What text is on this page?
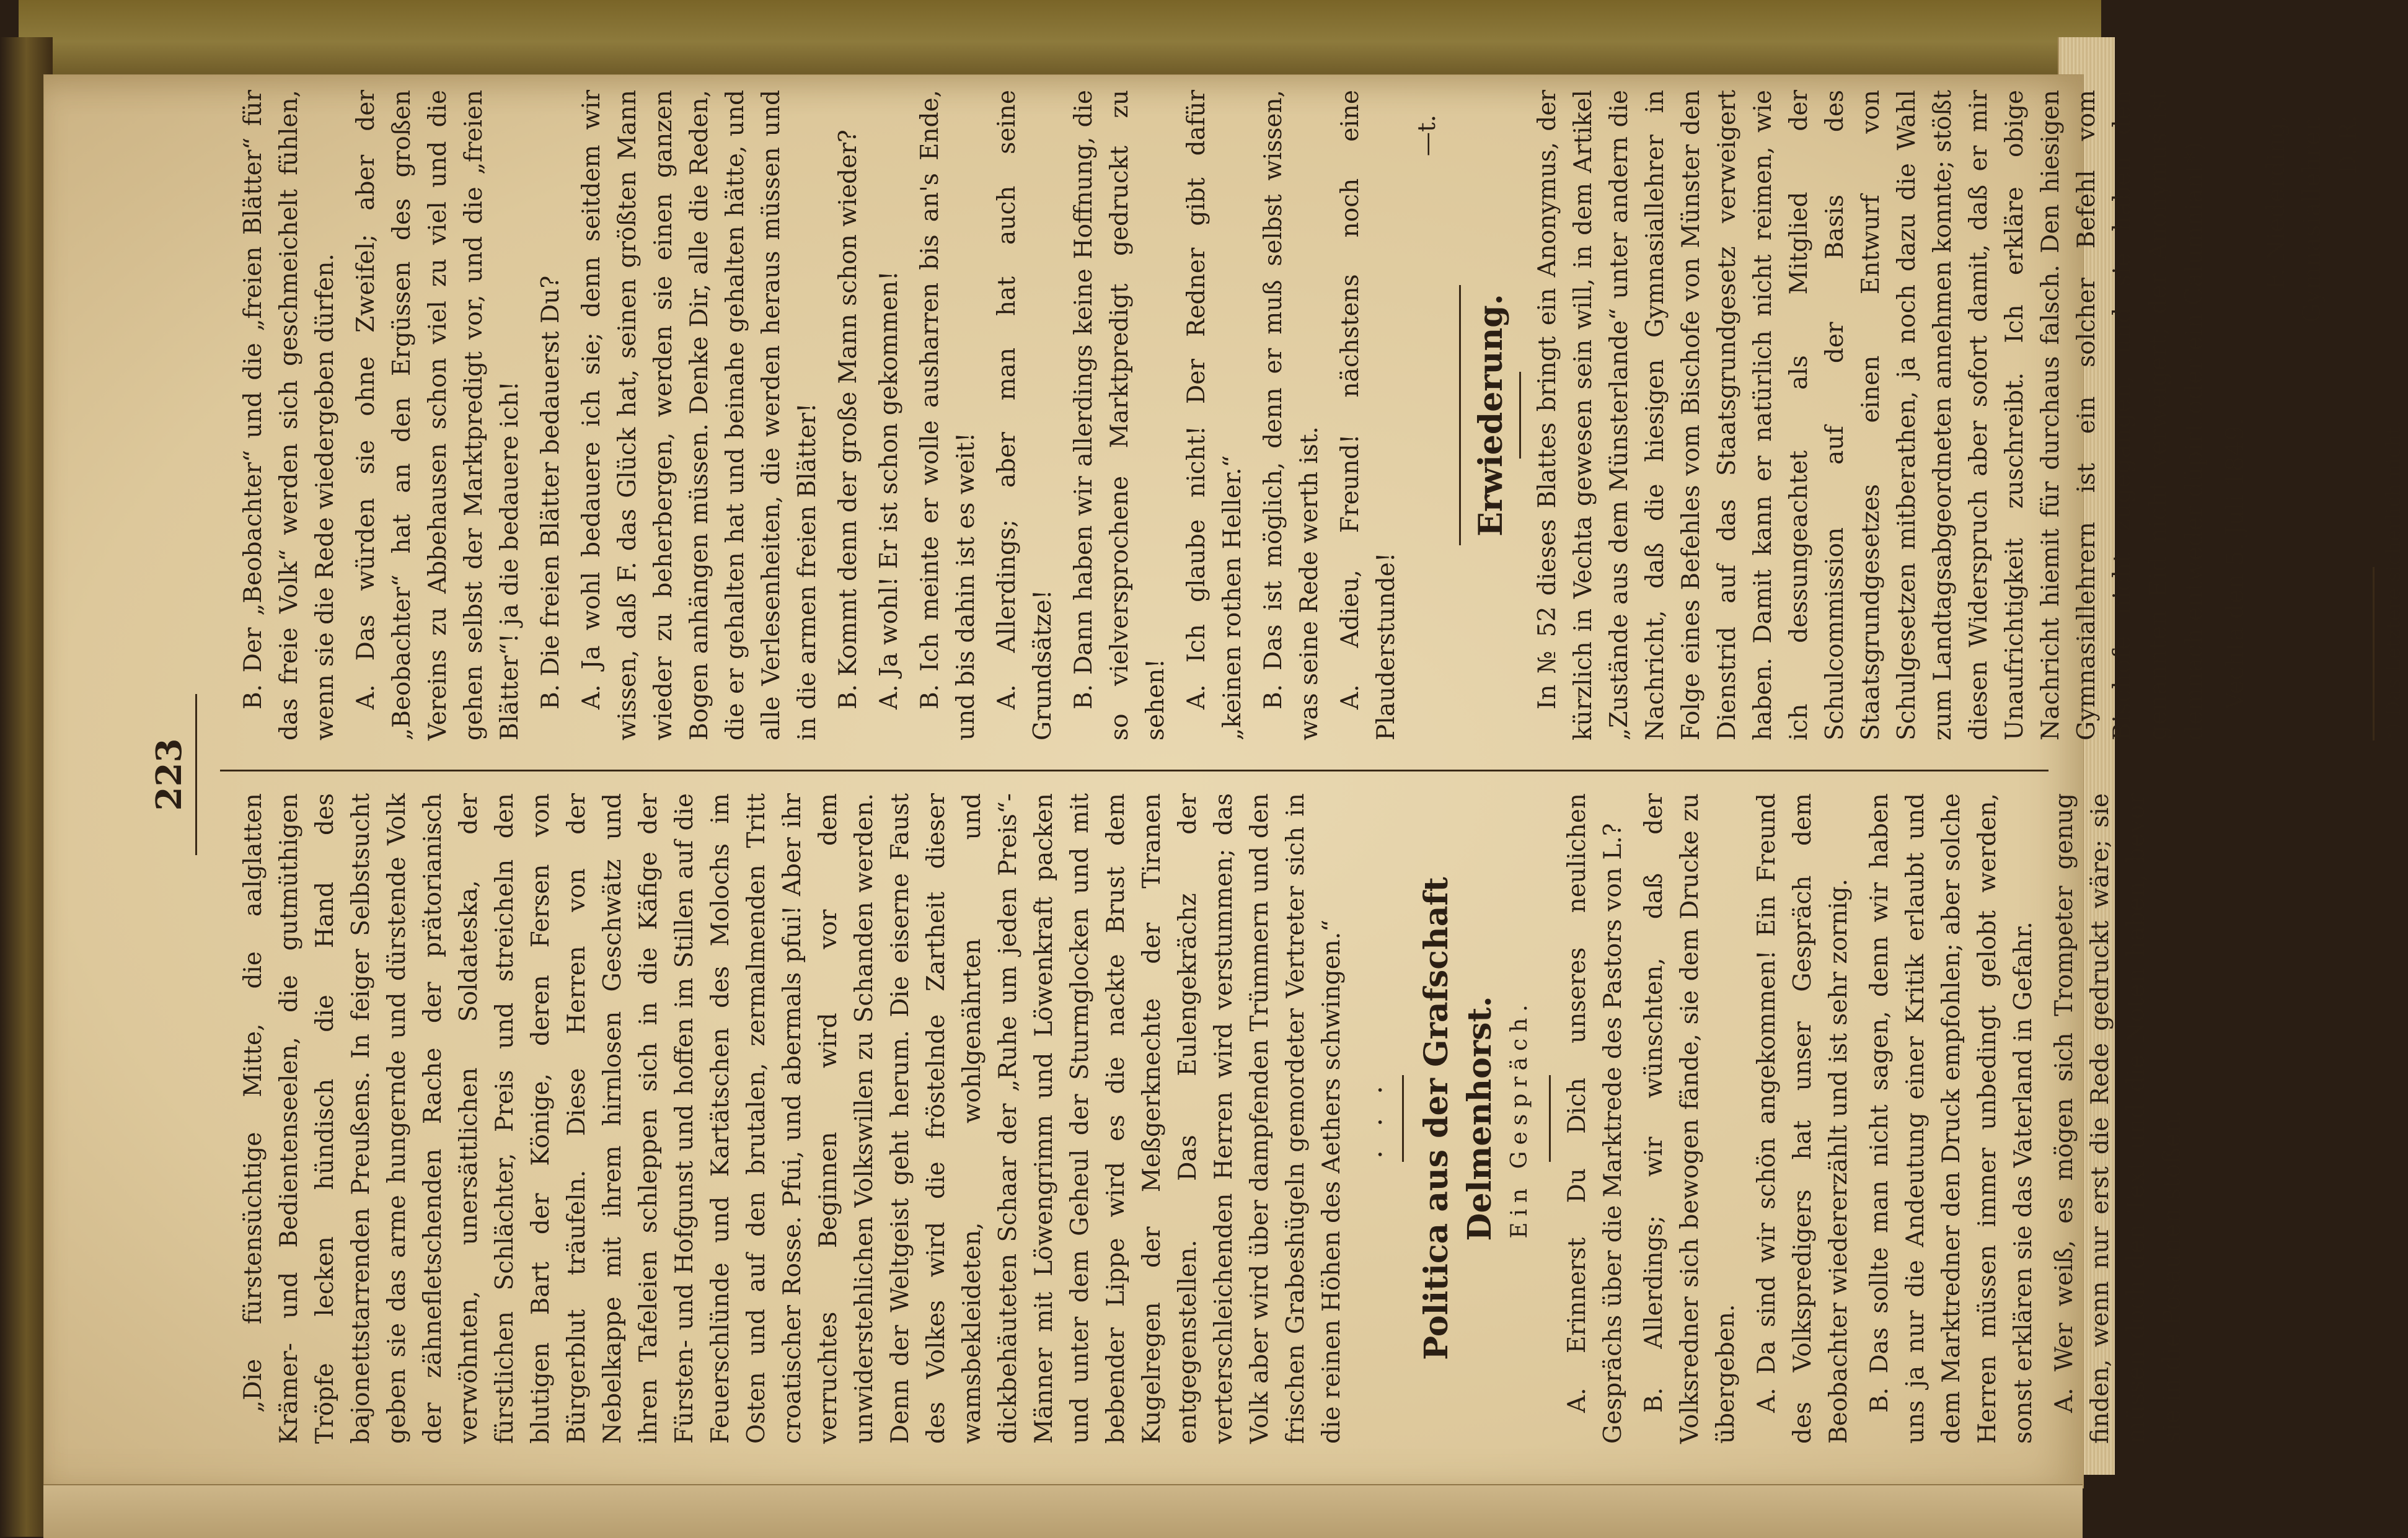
223

„Die fürstensüchtige Mitte, die aalglatten Krämer- und Bedientenseelen, die gutmüthigen Tröpfe lecken hündisch die Hand des bajonettstarrenden Preußens. In feiger Selbstsucht geben sie das arme hungernde und dürstende Volk der zähnefletschenden Rache der prätorianisch verwöhnten, unersättlichen Soldateska, der fürstlichen Schlächter, Preis und streicheln den blutigen Bart der Könige, deren Fersen von Bürgerblut träufeln. Diese Herren von der Nebelkappe mit ihrem hirnlosen Geschwätz und ihren Tafeleien schleppen sich in die Käfige der Fürsten- und Hofgunst und hoffen im Stillen auf die Feuerschlünde und Kartätschen des Molochs im Osten und auf den brutalen, zermalmenden Tritt croatischer Rosse. Pfui, und abermals pfui! Aber ihr verruchtes Beginnen wird vor dem unwiderstehlichen Volkswillen zu Schanden werden. Denn der Weltgeist geht herum. Die eiserne Faust des Volkes wird die fröstelnde Zartheit dieser wamsbekleideten, wohlgenährten und dickbehäuteten Schaar der „Ruhe um jeden Preis“-Männer mit Löwengrimm und Löwenkraft packen und unter dem Geheul der Sturmglocken und mit bebender Lippe wird es die nackte Brust dem Kugelregen der Meßgerknechte der Tiranen entgegenstellen. Das Eulengekrächz der verterschleichenden Herren wird verstummen; das Volk aber wird über dampfenden Trümmern und den frischen Grabeshügeln gemordeter Vertreter sich in die reinen Höhen des Aethers schwingen.“ . . . Politica aus der Grafschaft Delmenhorst. Ein Gespräch. A. Erinnerst Du Dich unseres neulichen Gesprächs über die Marktrede des Pastors von L.? B. Allerdings; wir wünschten, daß der Volksredner sich bewogen fände, sie dem Drucke zu übergeben. A. Da sind wir schön angekommen! Ein Freund des Volkspredigers hat unser Gespräch dem Beobachter wiedererzählt und ist sehr zornig. B. Das sollte man nicht sagen, denn wir haben uns ja nur die Andeutung einer Kritik erlaubt und dem Marktredner den Druck empfohlen; aber solche Herren müssen immer unbedingt gelobt werden, sonst erklären sie das Vaterland in Gefahr. A. Wer weiß, es mögen sich Trompeter genug finden, wenn nur erst die Rede gedruckt wäre; sie müssen doch den Text und die Noten haben, bevor sie in die Posaunen stoßen.

B. Der „Beobachter“ und die „freien Blätter“ für das freie Volk“ werden sich geschmeichelt fühlen, wenn sie die Rede wiedergeben dürfen. A. Das würden sie ohne Zweifel; aber der „Beobachter“ hat an den Ergüssen des großen Vereins zu Abbehausen schon viel zu viel und die gehen selbst der Marktpredigt vor, und die „freien Blätter“! ja die bedauere ich! B. Die freien Blätter bedauerst Du? A. Ja wohl bedauere ich sie; denn seitdem wir wissen, daß F. das Glück hat, seinen größten Mann wieder zu beherbergen, werden sie einen ganzen Bogen anhängen müssen. Denke Dir, alle die Reden, die er gehalten hat und beinahe gehalten hätte, und alle Verlesenheiten, die werden heraus müssen und in die armen freien Blätter! B. Kommt denn der große Mann schon wieder? A. Ja wohl! Er ist schon gekommen! B. Ich meinte er wolle ausharren bis an's Ende, und bis dahin ist es weit! A. Allerdings; aber man hat auch seine Grundsätze! B. Dann haben wir allerdings keine Hoffnung, die so vielversprochene Marktpredigt gedruckt zu sehen! A. Ich glaube nicht! Der Redner gibt dafür „keinen rothen Heller.“ B. Das ist möglich, denn er muß selbst wissen, was seine Rede werth ist. A. Adieu, Freund! nächstens noch eine Plauderstunde!

—t.

Erwiederung. In № 52 dieses Blattes bringt ein Anonymus, der kürzlich in Vechta gewesen sein will, in dem Artikel „Zustände aus dem Münsterlande“ unter andern die Nachricht, daß die hiesigen Gymnasiallehrer in Folge eines Befehles vom Bischofe von Münster den Dienstrid auf das Staatsgrundgesetz verweigert haben. Damit kann er natürlich nicht reimen, wie ich dessungeachtet als Mitglied der Schulcommission auf der Basis des Staatsgrundgesetzes einen Entwurf von Schulgesetzen mitberathen, ja noch dazu die Wahl zum Landtagsabgeordneten annehmen konnte; stößt diesen Widerspruch aber sofort damit, daß er mir Unaufrichtigkeit zuschreibt. Ich erkläre obige Nachricht hiemit für durchaus falsch. Den hiesigen Gymnasiallehrern ist ein solcher Befehl vom Bischofe nicht zugegangen, und sie haben den genannten Eid nicht verweigert; der Anonymus ist demnach entweder düpirt oder ein Calumniant*). Vechta den 5. Juli 1849.

F. Niederding, Gymnasiallehrer. D. R.
*) Das Letztere sicherlich nicht.
